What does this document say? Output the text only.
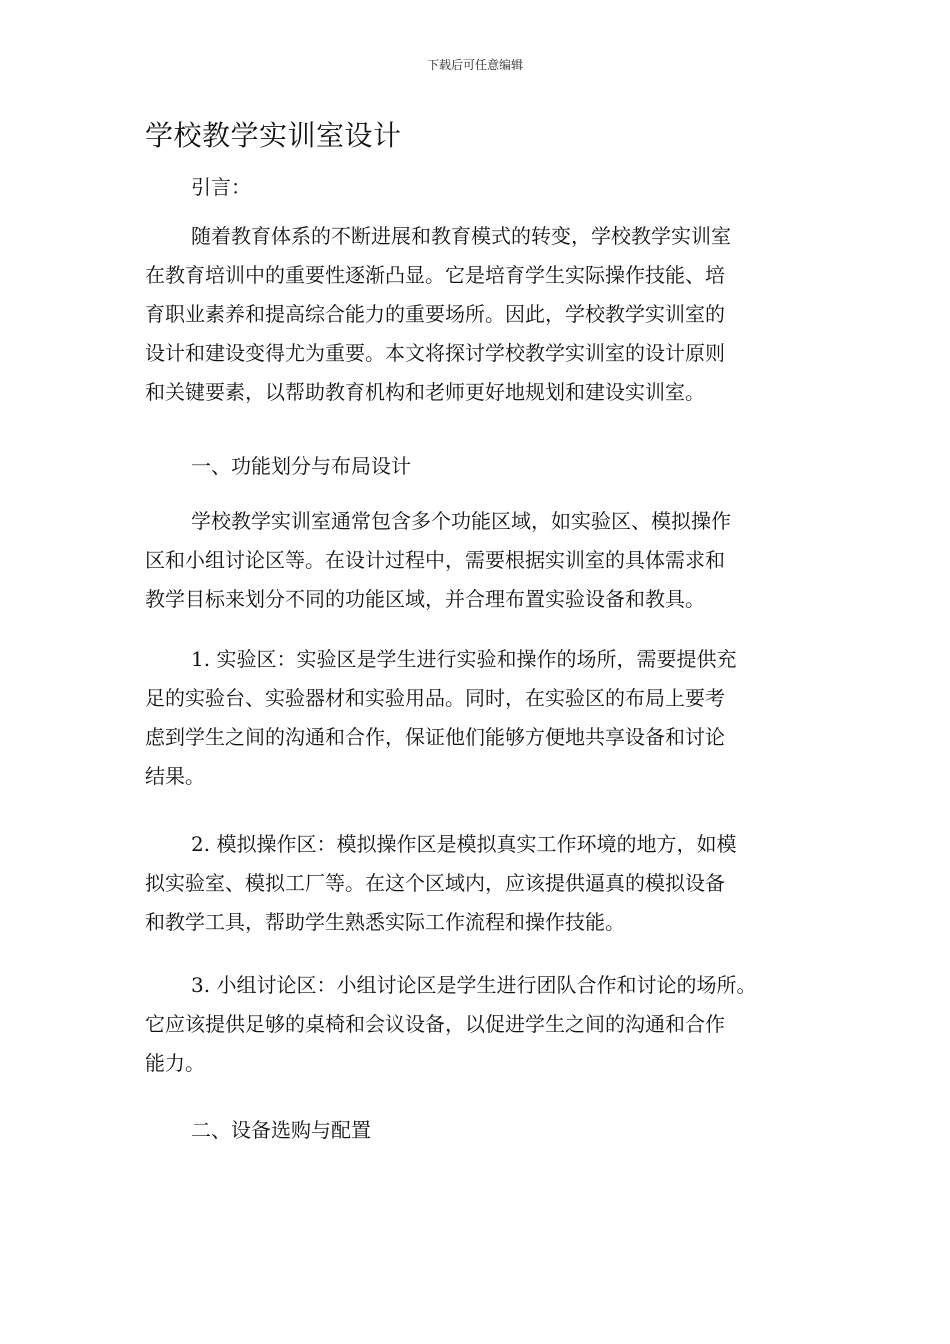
下载后可任意编辑
学校教学实训室设计
引言：
随着教育体系的不断进展和教育模式的转变，学校教学实训室
在教育培训中的重要性逐渐凸显。它是培育学生实际操作技能、培
育职业素养和提高综合能力的重要场所。因此，学校教学实训室的
设计和建设变得尤为重要。本文将探讨学校教学实训室的设计原则
和关键要素，以帮助教育机构和老师更好地规划和建设实训室。
一、功能划分与布局设计
学校教学实训室通常包含多个功能区域，如实验区、模拟操作
区和小组讨论区等。在设计过程中，需要根据实训室的具体需求和
教学目标来划分不同的功能区域，并合理布置实验设备和教具。
1. 实验区：实验区是学生进行实验和操作的场所，需要提供充
足的实验台、实验器材和实验用品。同时，在实验区的布局上要考
虑到学生之间的沟通和合作，保证他们能够方便地共享设备和讨论
结果。
2. 模拟操作区：模拟操作区是模拟真实工作环境的地方，如模
拟实验室、模拟工厂等。在这个区域内，应该提供逼真的模拟设备
和教学工具，帮助学生熟悉实际工作流程和操作技能。
3. 小组讨论区：小组讨论区是学生进行团队合作和讨论的场所。
它应该提供足够的桌椅和会议设备，以促进学生之间的沟通和合作
能力。
二、设备选购与配置
